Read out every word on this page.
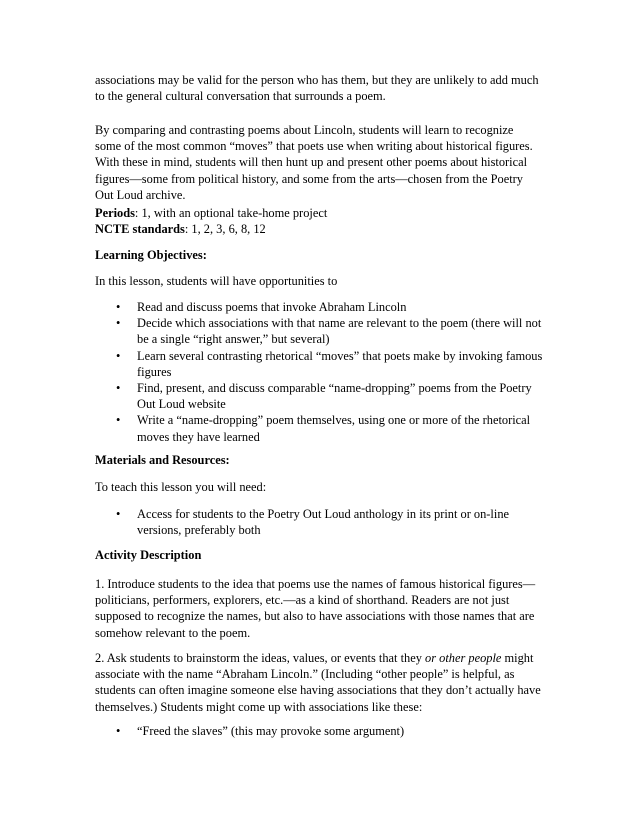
associations may be valid for the person who has them, but they are unlikely to add much
to the general cultural conversation that surrounds a poem.

By comparing and contrasting poems about Lincoln, students will learn to recognize
some of the most common “moves” that poets use when writing about historical figures.
With these in mind, students will then hunt up and present other poems about historical
figures—some from political history, and some from the arts—chosen from the Poetry
Out Loud archive.

Periods: 1, with an optional take-home project
NCTE standards: 1, 2, 3, 6, 8, 12

Learning Objectives:

In this lesson, students will have opportunities to

• Read and discuss poems that invoke Abraham Lincoln
• Decide which associations with that name are relevant to the poem (there will not
be a single “right answer,” but several)
• Learn several contrasting rhetorical “moves” that poets make by invoking famous
figures
• Find, present, and discuss comparable “name-dropping” poems from the Poetry
Out Loud website
• Write a “name-dropping” poem themselves, using one or more of the rhetorical
moves they have learned

Materials and Resources:

To teach this lesson you will need:

• Access for students to the Poetry Out Loud anthology in its print or on-line
versions, preferably both

Activity Description

1. Introduce students to the idea that poems use the names of famous historical figures—
politicians, performers, explorers, etc.—as a kind of shorthand. Readers are not just
supposed to recognize the names, but also to have associations with those names that are
somehow relevant to the poem.

2. Ask students to brainstorm the ideas, values, or events that they or other people might
associate with the name “Abraham Lincoln.” (Including “other people” is helpful, as
students can often imagine someone else having associations that they don’t actually have
themselves.) Students might come up with associations like these:

• “Freed the slaves” (this may provoke some argument)
